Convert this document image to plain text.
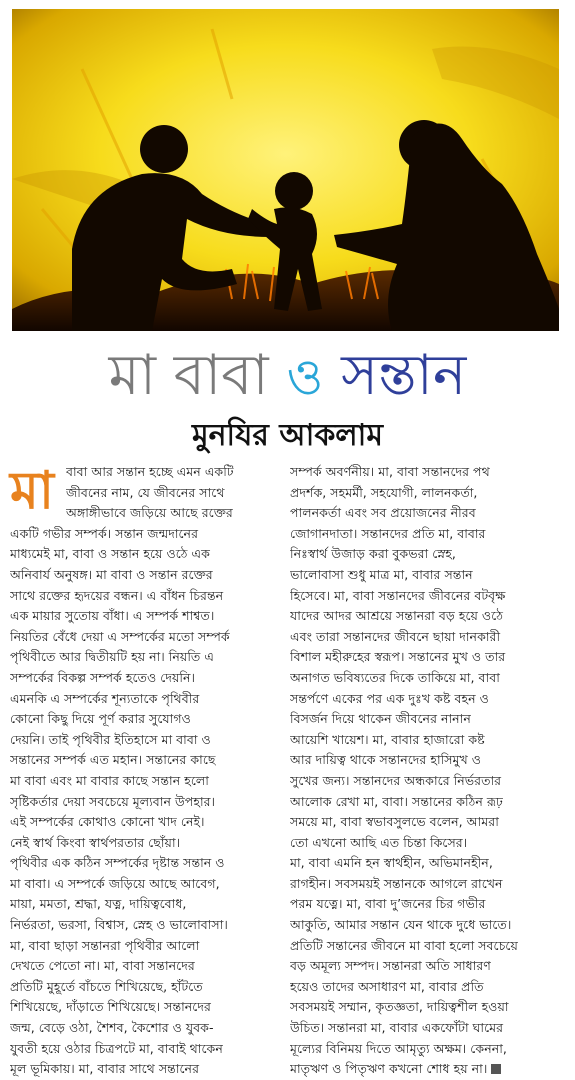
মা বাবা ও সন্তান
মুনযির আকলাম
মা বাবা আর সন্তান হচ্ছে এমন একটি
জীবনের নাম, যে জীবনের সাথে
অঙ্গাঙ্গীভাবে জড়িয়ে আছে রক্তের
একটি গভীর সম্পর্ক। সন্তান জন্মদানের
মাধ্যমেই মা, বাবা ও সন্তান হয়ে ওঠে এক
অনিবার্য অনুষঙ্গ। মা বাবা ও সন্তান রক্তের
সাথে রক্তের হৃদয়ের বন্ধন। এ বাঁধন চিরন্তন
এক মায়ার সুতোয় বাঁধা। এ সম্পর্ক শাশ্বত।
নিয়তির বেঁধে দেয়া এ সম্পর্কের মতো সম্পর্ক
পৃথিবীতে আর দ্বিতীয়টি হয় না। নিয়তি এ
সম্পর্কের বিকল্প সম্পর্ক হতেও দেয়নি।
এমনকি এ সম্পর্কের শূন্যতাকে পৃথিবীর
কোনো কিছু দিয়ে পূর্ণ করার সুযোগও
দেয়নি। তাই পৃথিবীর ইতিহাসে মা বাবা ও
সন্তানের সম্পর্ক এত মহান। সন্তানের কাছে
মা বাবা এবং মা বাবার কাছে সন্তান হলো
সৃষ্টিকর্তার দেয়া সবচেয়ে মূল্যবান উপহার।
এই সম্পর্কের কোথাও কোনো খাদ নেই।
নেই স্বার্থ কিংবা স্বার্থপরতার ছোঁয়া।
পৃথিবীর এক কঠিন সম্পর্কের দৃষ্টান্ত সন্তান ও
মা বাবা। এ সম্পর্কে জড়িয়ে আছে আবেগ,
মায়া, মমতা, শ্রদ্ধা, যত্ন, দায়িত্ববোধ,
নির্ভরতা, ভরসা, বিশ্বাস, স্নেহ ও ভালোবাসা।
মা, বাবা ছাড়া সন্তানরা পৃথিবীর আলো
দেখতে পেতো না। মা, বাবা সন্তানদের
প্রতিটি মুহূর্তে বাঁচতে শিখিয়েছে, হাঁটতে
শিখিয়েছে, দাঁড়াতে শিখিয়েছে। সন্তানদের
জন্ম, বেড়ে ওঠা, শৈশব, কৈশোর ও যুবক-
যুবতী হয়ে ওঠার চিত্রপটে মা, বাবাই থাকেন
মূল ভূমিকায়। মা, বাবার সাথে সন্তানের
সম্পর্ক অবর্ণনীয়। মা, বাবা সন্তানদের পথ
প্রদর্শক, সহমর্মী, সহযোগী, লালনকর্তা,
পালনকর্তা এবং সব প্রয়োজনের নীরব
জোগানদাতা। সন্তানদের প্রতি মা, বাবার
নিঃস্বার্থ উজাড় করা বুকভরা স্নেহ,
ভালোবাসা শুধু মাত্র মা, বাবার সন্তান
হিসেবে। মা, বাবা সন্তানদের জীবনের বটবৃক্ষ
যাদের আদর আশ্রয়ে সন্তানরা বড় হয়ে ওঠে
এবং তারা সন্তানদের জীবনে ছায়া দানকারী
বিশাল মহীরুহের স্বরূপ। সন্তানের মুখ ও তার
অনাগত ভবিষ্যতের দিকে তাকিয়ে মা, বাবা
সন্তর্পণে একের পর এক দুঃখ কষ্ট বহন ও
বিসর্জন দিয়ে থাকেন জীবনের নানান
আয়েশি খায়েশ। মা, বাবার হাজারো কষ্ট
আর দায়িত্ব থাকে সন্তানদের হাসিমুখ ও
সুখের জন্য। সন্তানদের অন্ধকারে নির্ভরতার
আলোক রেখা মা, বাবা। সন্তানের কঠিন রূঢ়
সময়ে মা, বাবা স্বভাবসুলভে বলেন, আমরা
তো এখনো আছি এত চিন্তা কিসের।
মা, বাবা এমনি হন স্বার্থহীন, অভিমানহীন,
রাগহীন। সবসময়ই সন্তানকে আগলে রাখেন
পরম যত্নে। মা, বাবা দু’জনের চির গভীর
আকুতি, আমার সন্তান যেন থাকে দুধে ভাতে।
প্রতিটি সন্তানের জীবনে মা বাবা হলো সবচেয়ে
বড় অমূল্য সম্পদ। সন্তানরা অতি সাধারণ
হয়েও তাদের অসাধারণ মা, বাবার প্রতি
সবসময়ই সম্মান, কৃতজ্ঞতা, দায়িত্বশীল হওয়া
উচিত। সন্তানরা মা, বাবার একফোঁটা ঘামের
মূল্যের বিনিময় দিতে আমৃত্যু অক্ষম। কেননা,
মাতৃঋণ ও পিতৃঋণ কখনো শোধ হয় না।
